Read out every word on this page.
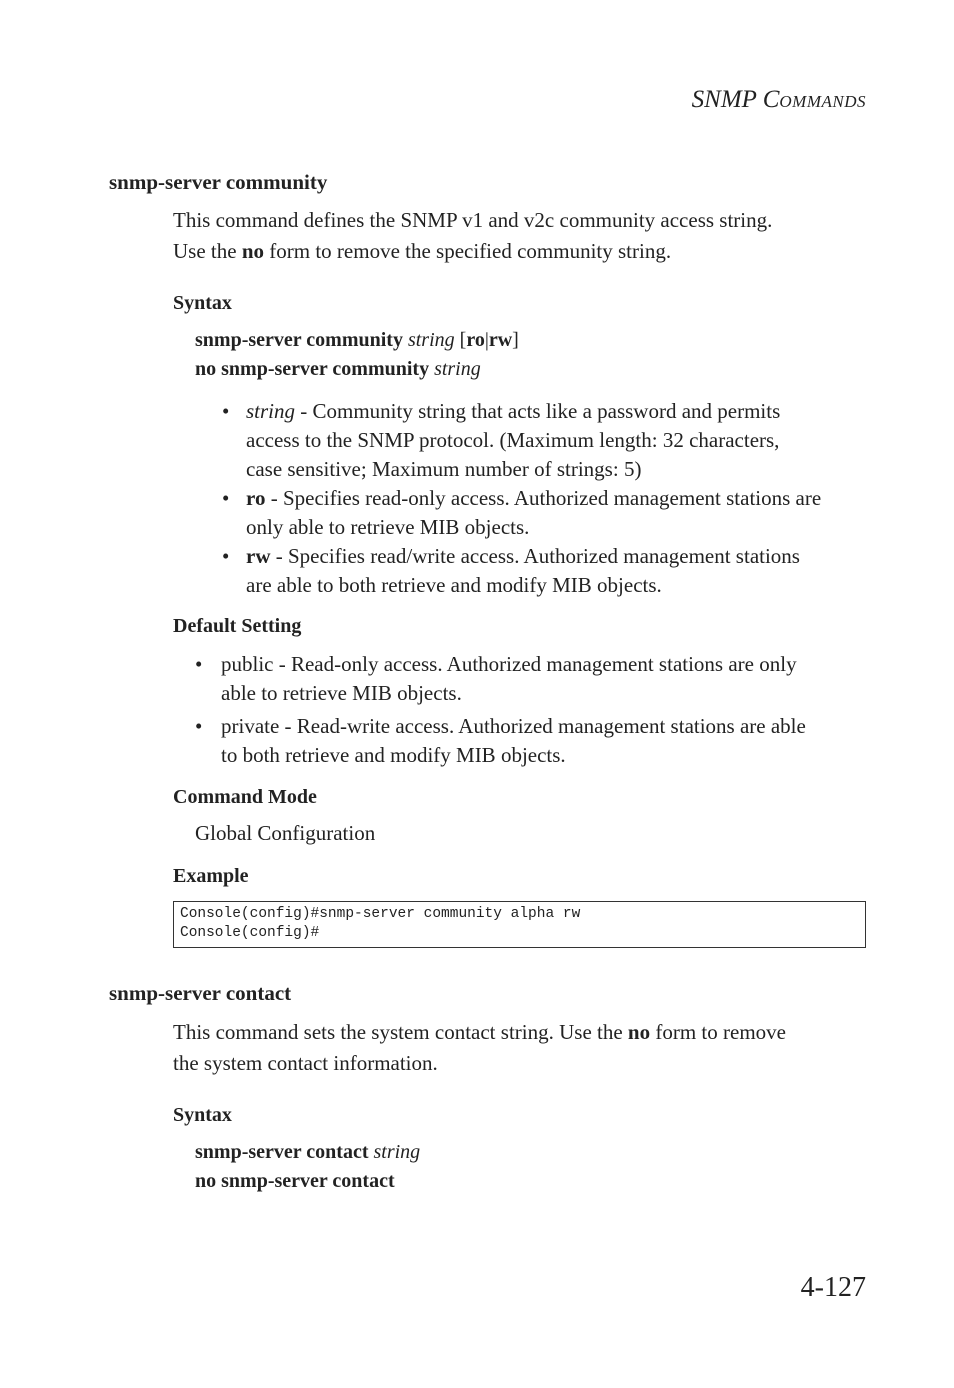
SNMP COMMANDS
snmp-server community
This command defines the SNMP v1 and v2c community access string.
Use the no form to remove the specified community string.
Syntax
snmp-server community string [ro|rw]
no snmp-server community string
• string - Community string that acts like a password and permits
access to the SNMP protocol. (Maximum length: 32 characters,
case sensitive; Maximum number of strings: 5)
• ro - Specifies read-only access. Authorized management stations are
only able to retrieve MIB objects.
• rw - Specifies read/write access. Authorized management stations
are able to both retrieve and modify MIB objects.
Default Setting
• public - Read-only access. Authorized management stations are only
able to retrieve MIB objects.
• private - Read-write access. Authorized management stations are able
to both retrieve and modify MIB objects.
Command Mode
Global Configuration
Example
Console(config)#snmp-server community alpha rw
Console(config)#
snmp-server contact
This command sets the system contact string. Use the no form to remove
the system contact information.
Syntax
snmp-server contact string
no snmp-server contact
4-127
